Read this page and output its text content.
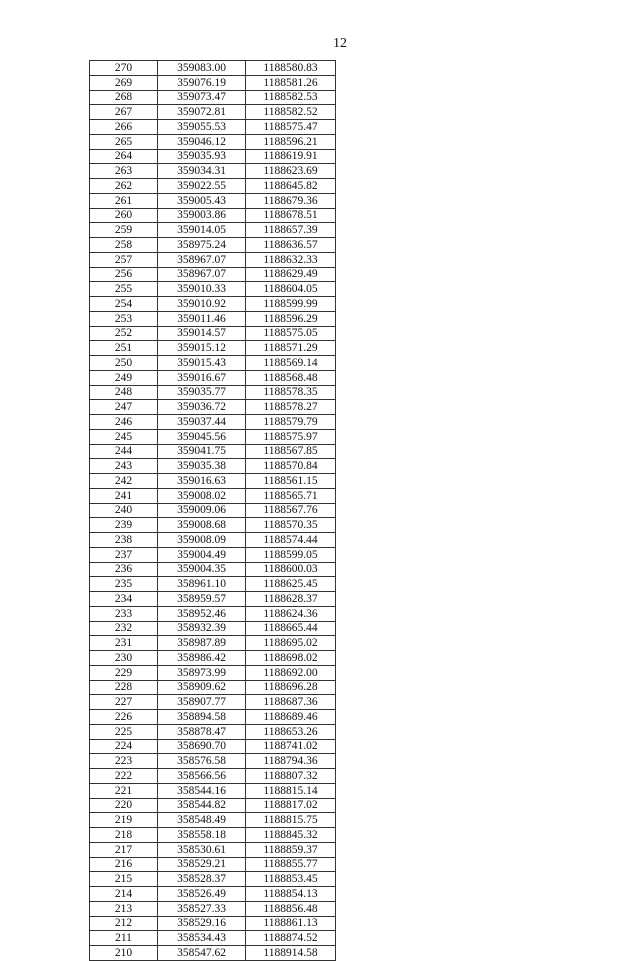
12
270	359083.00	1188580.83
269	359076.19	1188581.26
268	359073.47	1188582.53
267	359072.81	1188582.52
266	359055.53	1188575.47
265	359046.12	1188596.21
264	359035.93	1188619.91
263	359034.31	1188623.69
262	359022.55	1188645.82
261	359005.43	1188679.36
260	359003.86	1188678.51
259	359014.05	1188657.39
258	358975.24	1188636.57
257	358967.07	1188632.33
256	358967.07	1188629.49
255	359010.33	1188604.05
254	359010.92	1188599.99
253	359011.46	1188596.29
252	359014.57	1188575.05
251	359015.12	1188571.29
250	359015.43	1188569.14
249	359016.67	1188568.48
248	359035.77	1188578.35
247	359036.72	1188578.27
246	359037.44	1188579.79
245	359045.56	1188575.97
244	359041.75	1188567.85
243	359035.38	1188570.84
242	359016.63	1188561.15
241	359008.02	1188565.71
240	359009.06	1188567.76
239	359008.68	1188570.35
238	359008.09	1188574.44
237	359004.49	1188599.05
236	359004.35	1188600.03
235	358961.10	1188625.45
234	358959.57	1188628.37
233	358952.46	1188624.36
232	358932.39	1188665.44
231	358987.89	1188695.02
230	358986.42	1188698.02
229	358973.99	1188692.00
228	358909.62	1188696.28
227	358907.77	1188687.36
226	358894.58	1188689.46
225	358878.47	1188653.26
224	358690.70	1188741.02
223	358576.58	1188794.36
222	358566.56	1188807.32
221	358544.16	1188815.14
220	358544.82	1188817.02
219	358548.49	1188815.75
218	358558.18	1188845.32
217	358530.61	1188859.37
216	358529.21	1188855.77
215	358528.37	1188853.45
214	358526.49	1188854.13
213	358527.33	1188856.48
212	358529.16	1188861.13
211	358534.43	1188874.52
210	358547.62	1188914.58
